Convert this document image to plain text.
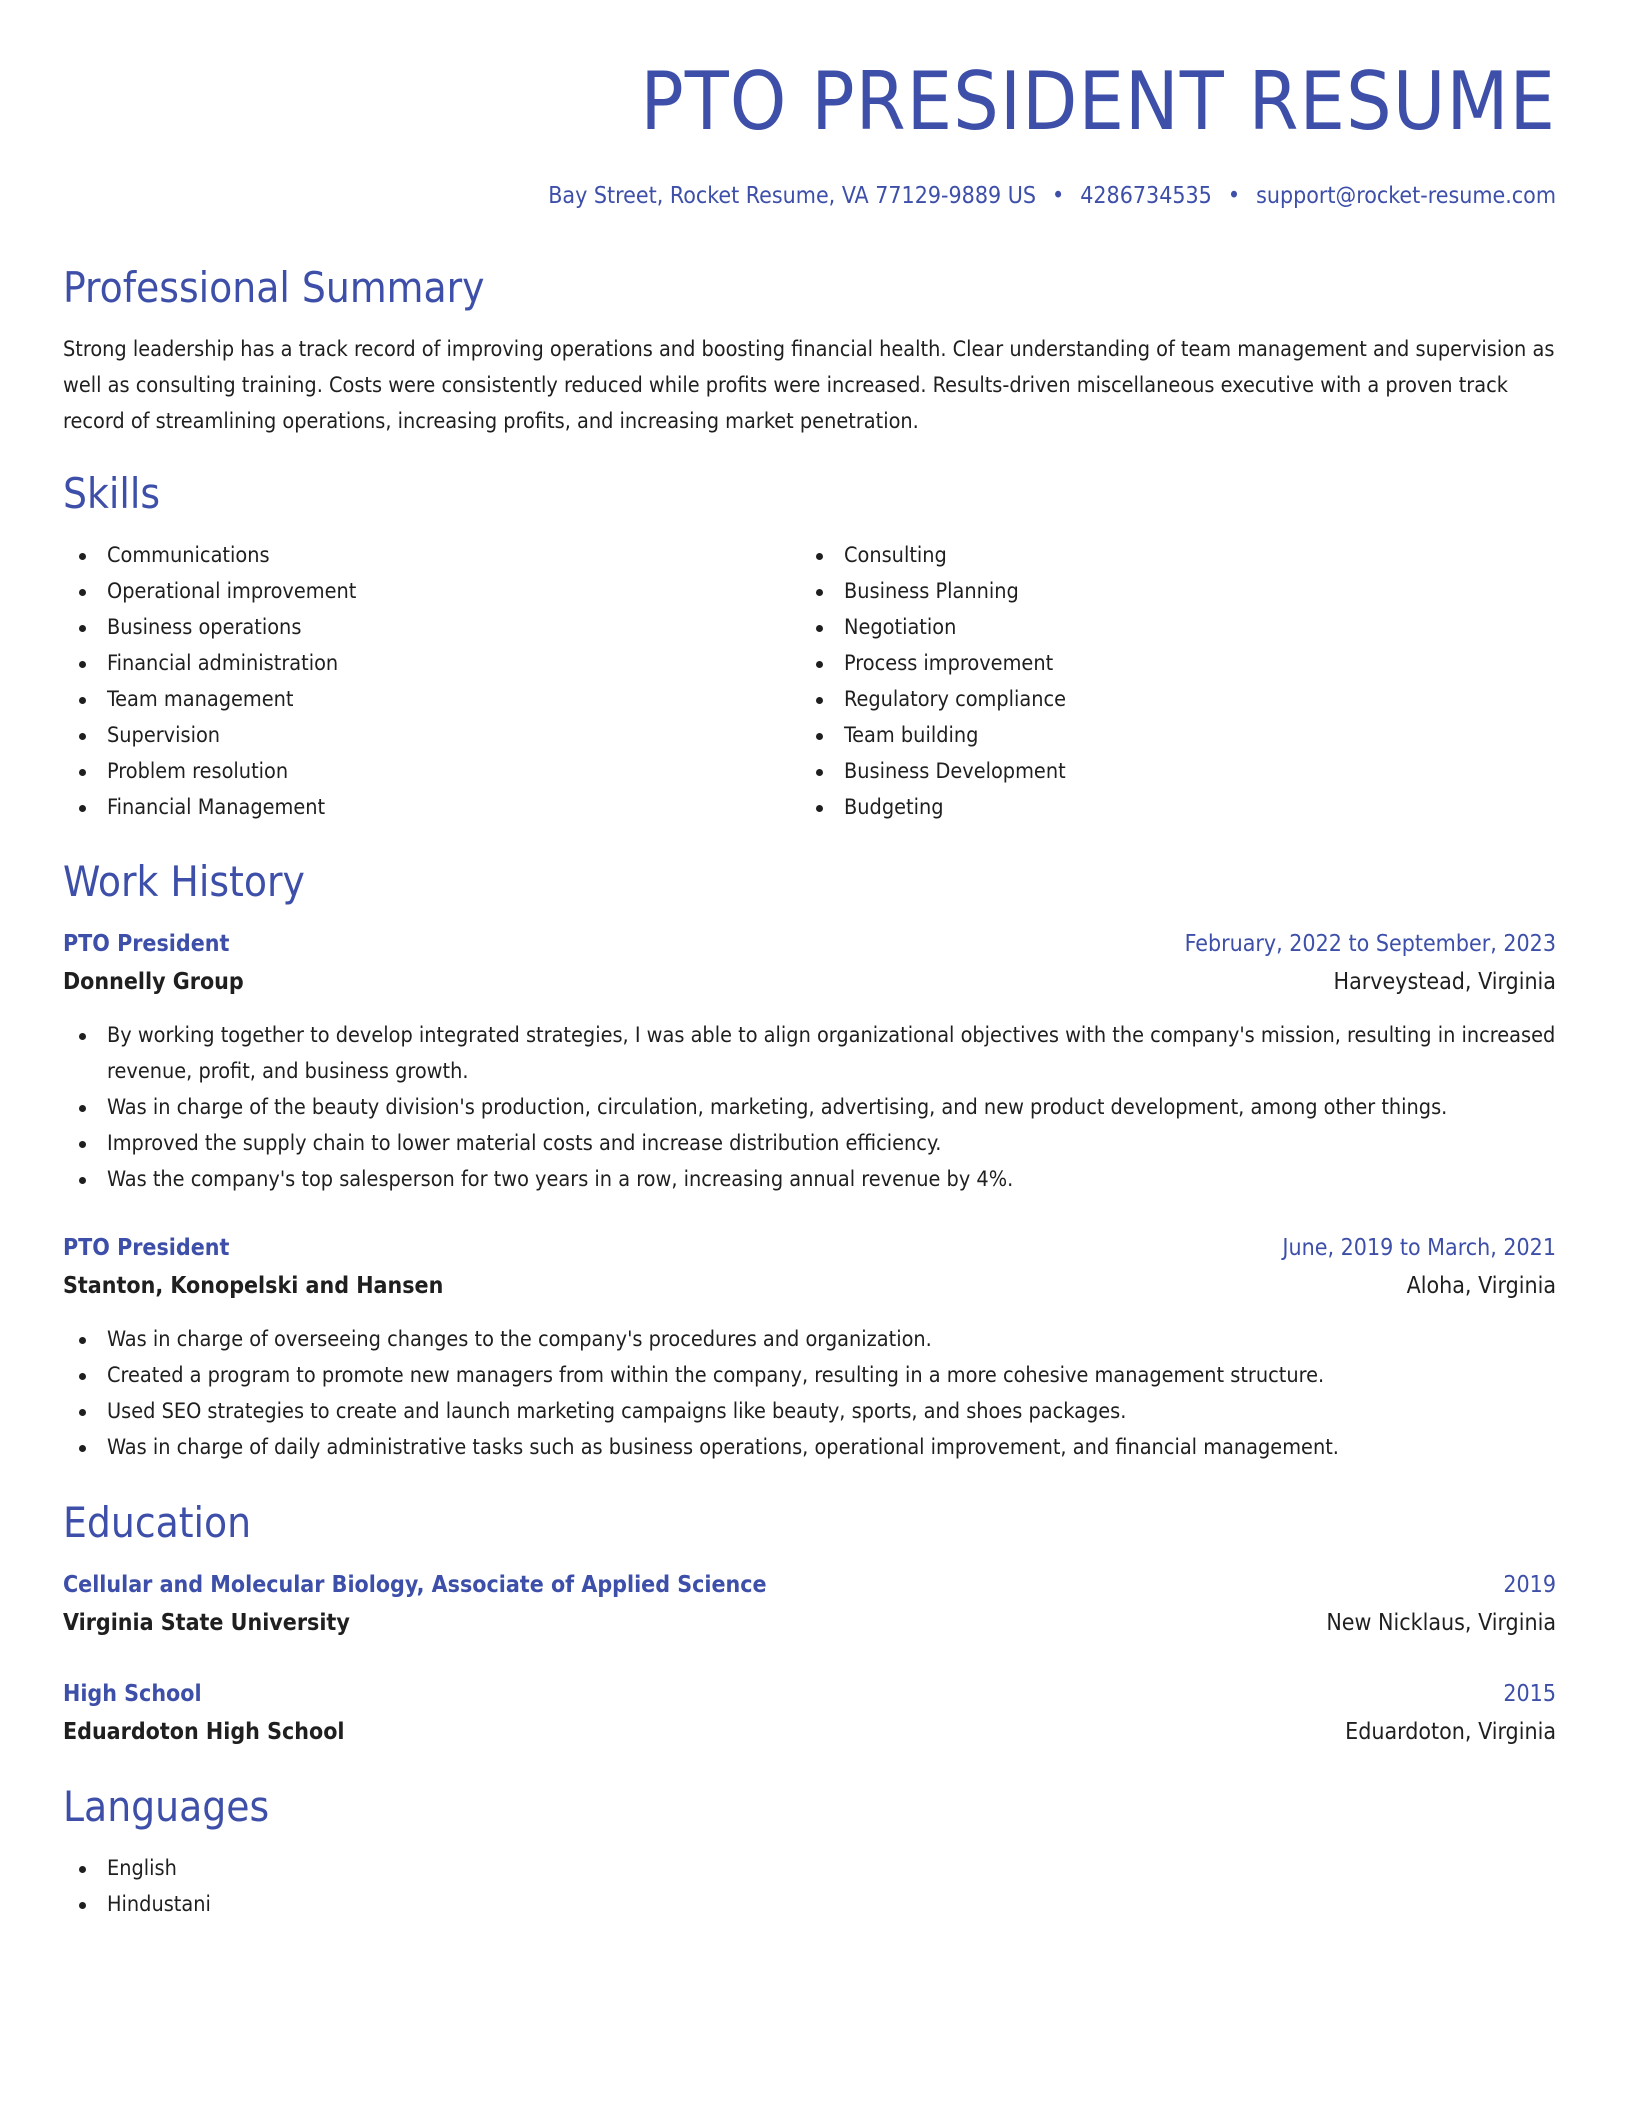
PTO PRESIDENT RESUME
Bay Street, Rocket Resume, VA 77129-9889 US • 4286734535 • support@rocket-resume.com
Professional Summary

Strong leadership has a track record of improving operations and boosting financial health. Clear understanding of team management and supervision as well as consulting training. Costs were consistently reduced while profits were increased. Results-driven miscellaneous executive with a proven track record of streamlining operations, increasing profits, and increasing market penetration.

Skills
Communications
Operational improvement
Business operations
Financial administration
Team management
Supervision
Problem resolution
Financial Management
Consulting
Business Planning
Negotiation
Process improvement
Regulatory compliance
Team building
Business Development
Budgeting
Work History
PTO President	February, 2022 to September, 2023
Donnelly Group	Harveystead, Virginia
By working together to develop integrated strategies, I was able to align organizational objectives with the company's mission, resulting in increased revenue, profit, and business growth.
Was in charge of the beauty division's production, circulation, marketing, advertising, and new product development, among other things.
Improved the supply chain to lower material costs and increase distribution efficiency.
Was the company's top salesperson for two years in a row, increasing annual revenue by 4%.
PTO President	June, 2019 to March, 2021
Stanton, Konopelski and Hansen	Aloha, Virginia
Was in charge of overseeing changes to the company's procedures and organization.
Created a program to promote new managers from within the company, resulting in a more cohesive management structure.
Used SEO strategies to create and launch marketing campaigns like beauty, sports, and shoes packages.
Was in charge of daily administrative tasks such as business operations, operational improvement, and financial management.
Education
Cellular and Molecular Biology, Associate of Applied Science	2019
Virginia State University	New Nicklaus, Virginia
High School	2015
Eduardoton High School	Eduardoton, Virginia
Languages
English
Hindustani
